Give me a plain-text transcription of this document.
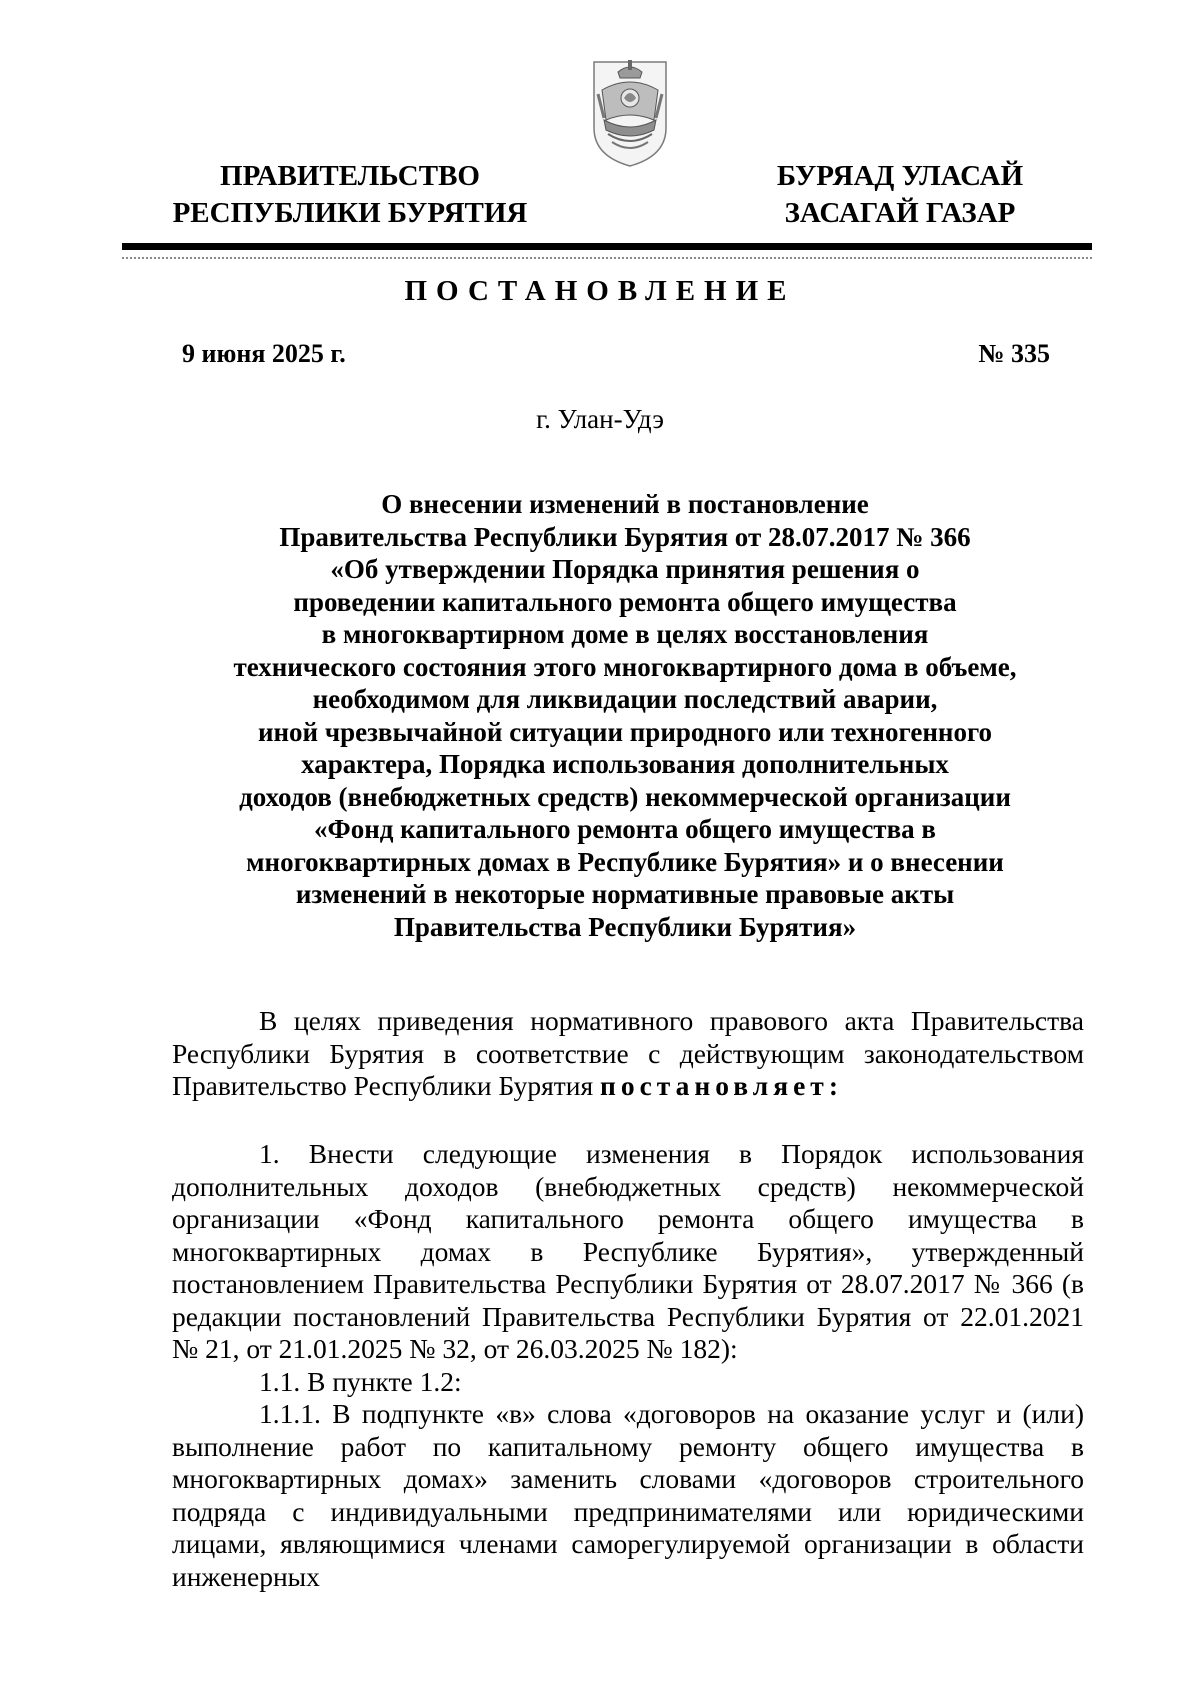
ПРАВИТЕЛЬСТВО
РЕСПУБЛИКИ БУРЯТИЯ
БУРЯАД УЛАСАЙ
ЗАСАГАЙ ГАЗАР
ПОСТАНОВЛЕНИЕ
9 июня 2025 г.	№ 335
г. Улан-Удэ
О внесении изменений в постановление
Правительства Республики Бурятия от 28.07.2017 № 366
«Об утверждении Порядка принятия решения о
проведении капитального ремонта общего имущества
в многоквартирном доме в целях восстановления
технического состояния этого многоквартирного дома в объеме,
необходимом для ликвидации последствий аварии,
иной чрезвычайной ситуации природного или техногенного
характера, Порядка использования дополнительных
доходов (внебюджетных средств) некоммерческой организации
«Фонд капитального ремонта общего имущества в
многоквартирных домах в Республике Бурятия» и о внесении
изменений в некоторые нормативные правовые акты
Правительства Республики Бурятия»
В целях приведения нормативного правового акта Правительства Республики Бурятия в соответствие с действующим законодательством Правительство Республики Бурятия постановляет:

1. Внести следующие изменения в Порядок использования дополнительных доходов (внебюджетных средств) некоммерческой организации «Фонд капитального ремонта общего имущества в многоквартирных домах в Республике Бурятия», утвержденный постановлением Правительства Республики Бурятия от 28.07.2017 № 366 (в редакции постановлений Правительства Республики Бурятия от 22.01.2021 № 21, от 21.01.2025 № 32, от 26.03.2025 № 182):

1.1. В пункте 1.2:

1.1.1. В подпункте «в» слова «договоров на оказание услуг и (или) выполнение работ по капитальному ремонту общего имущества в многоквартирных домах» заменить словами «договоров строительного подряда с индивидуальными предпринимателями или юридическими лицами, являющимися членами саморегулируемой организации в области инженерных
